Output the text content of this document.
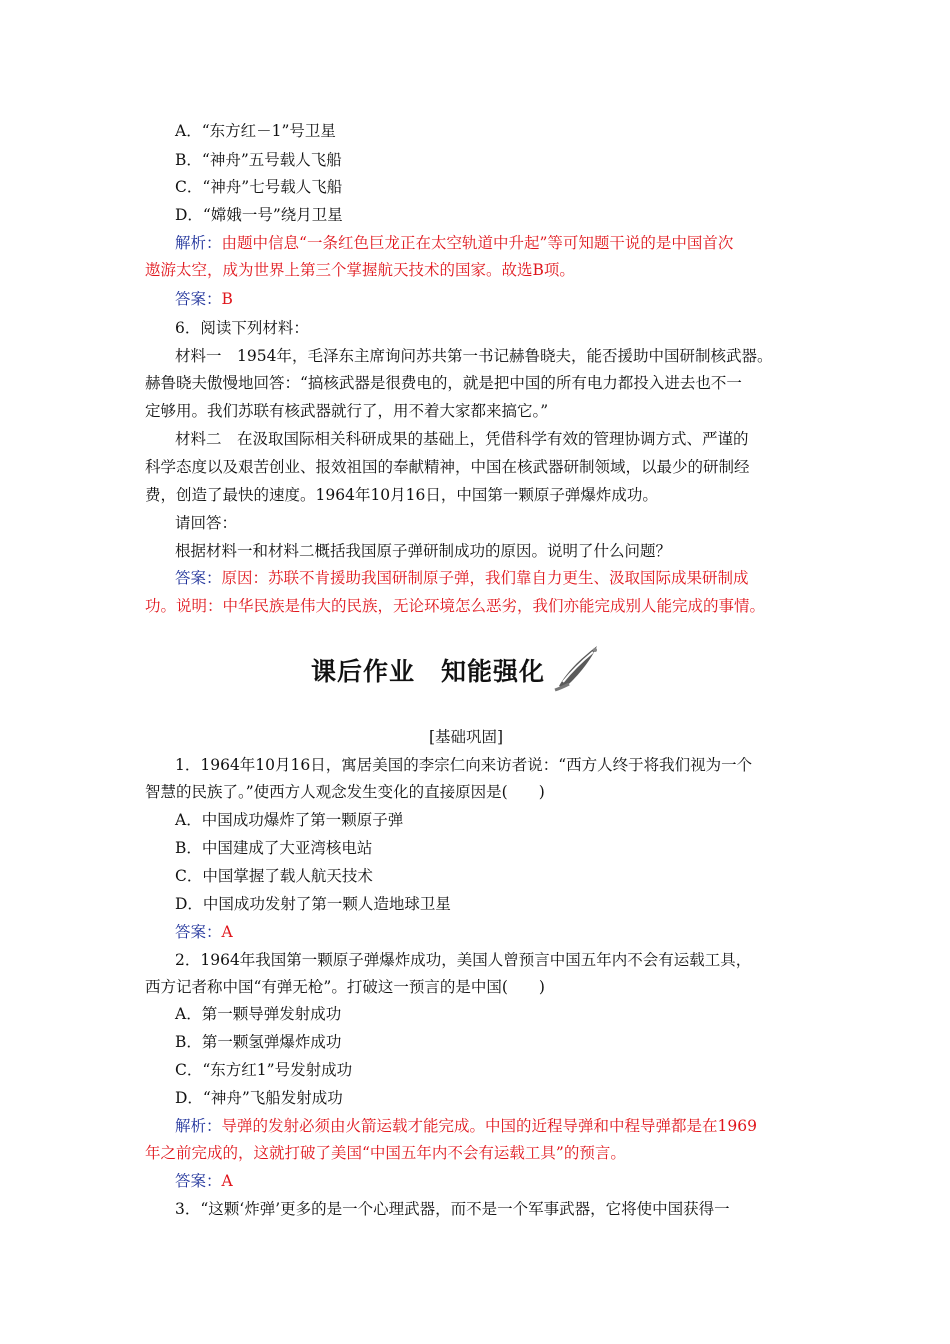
A．“东方红－1”号卫星
B．“神舟”五号载人飞船
C．“神舟”七号载人飞船
D．“嫦娥一号”绕月卫星
解析：由题中信息“一条红色巨龙正在太空轨道中升起”等可知题干说的是中国首次
遨游太空，成为世界上第三个掌握航天技术的国家。故选B项。
答案：B
6．阅读下列材料：
材料一　1954年，毛泽东主席询问苏共第一书记赫鲁晓夫，能否援助中国研制核武器。
赫鲁晓夫傲慢地回答：“搞核武器是很费电的，就是把中国的所有电力都投入进去也不一
定够用。我们苏联有核武器就行了，用不着大家都来搞它。”
材料二　在汲取国际相关科研成果的基础上，凭借科学有效的管理协调方式、严谨的
科学态度以及艰苦创业、报效祖国的奉献精神，中国在核武器研制领域，以最少的研制经
费，创造了最快的速度。1964年10月16日，中国第一颗原子弹爆炸成功。
请回答：
根据材料一和材料二概括我国原子弹研制成功的原因。说明了什么问题？
答案：原因：苏联不肯援助我国研制原子弹，我们靠自力更生、汲取国际成果研制成
功。说明：中华民族是伟大的民族，无论环境怎么恶劣，我们亦能完成别人能完成的事情。
课后作业　知能强化
[基础巩固]
1．1964年10月16日，寓居美国的李宗仁向来访者说：“西方人终于将我们视为一个
智慧的民族了。”使西方人观念发生变化的直接原因是(　　)
A．中国成功爆炸了第一颗原子弹
B．中国建成了大亚湾核电站
C．中国掌握了载人航天技术
D．中国成功发射了第一颗人造地球卫星
答案：A
2．1964年我国第一颗原子弹爆炸成功，美国人曾预言中国五年内不会有运载工具，
西方记者称中国“有弹无枪”。打破这一预言的是中国(　　)
A．第一颗导弹发射成功
B．第一颗氢弹爆炸成功
C．“东方红1”号发射成功
D．“神舟”飞船发射成功
解析：导弹的发射必须由火箭运载才能完成。中国的近程导弹和中程导弹都是在1969
年之前完成的，这就打破了美国“中国五年内不会有运载工具”的预言。
答案：A
3．“这颗‘炸弹’更多的是一个心理武器，而不是一个军事武器，它将使中国获得一
